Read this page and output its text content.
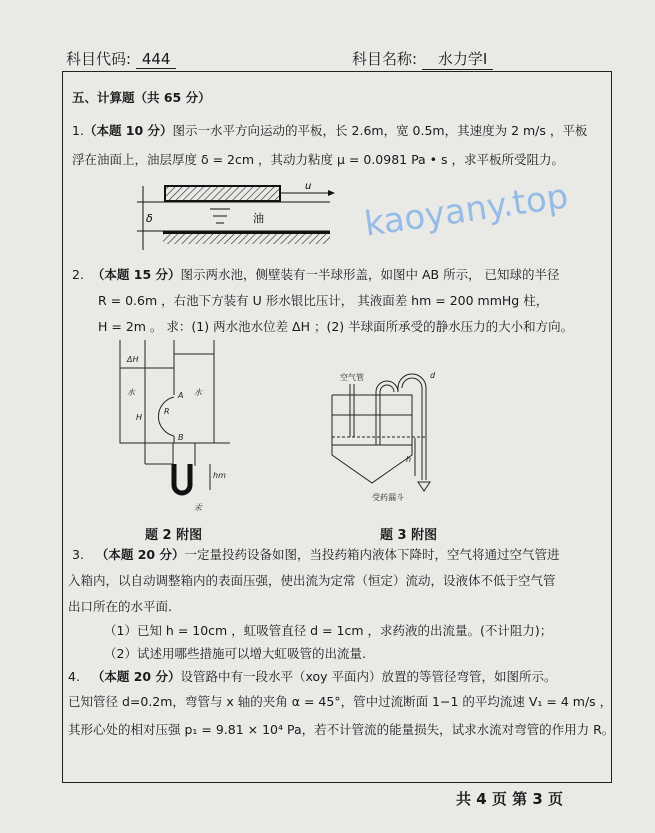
科目代码: 444	科目名称: 水力学I
五、计算题（共 65 分）
1.（本题 10 分）图示一水平方向运动的平板，长 2.6m，宽 0.5m，其速度为 2 m/s ，平板
浮在油面上，油层厚度 δ = 2cm ，其动力粘度 μ = 0.0981 Pa • s ，求平板所受阻力。
u
δ	油	kaoyany.top
2. （本题 15 分）图示两水池，侧壁装有一半球形盖，如图中 AB 所示， 已知球的半径
R = 0.6m ，右池下方装有 U 形水银比压计， 其液面差 hm = 200 mmHg 柱，
H = 2m 。 求：(1) 两水池水位差 ΔH ；(2) 半球面所承受的静水压力的大小和方向。
ΔH
水	水
H
A
B
R
hm
汞
题 2 附图
空气管	d
h
受药漏斗
题 3 附图
3. （本题 20 分）一定量投药设备如图，当投药箱内液体下降时，空气将通过空气管进
入箱内，以自动调整箱内的表面压强，使出流为定常（恒定）流动，设液体不低于空气管
出口所在的水平面.
（1）已知 h = 10cm ，虹吸管直径 d = 1cm ，求药液的出流量。(不计阻力)；
（2）试述用哪些措施可以增大虹吸管的出流量.
4. （本题 20 分）设管路中有一段水平（xoy 平面内）放置的等管径弯管，如图所示。
已知管径 d=0.2m，弯管与 x 轴的夹角 α = 45°，管中过流断面 1−1 的平均流速 V₁ = 4 m/s ，
其形心处的相对压强 p₁ = 9.81 × 10⁴ Pa，若不计管流的能量损失，试求水流对弯管的作用力 R。
共 4 页 第 3 页
